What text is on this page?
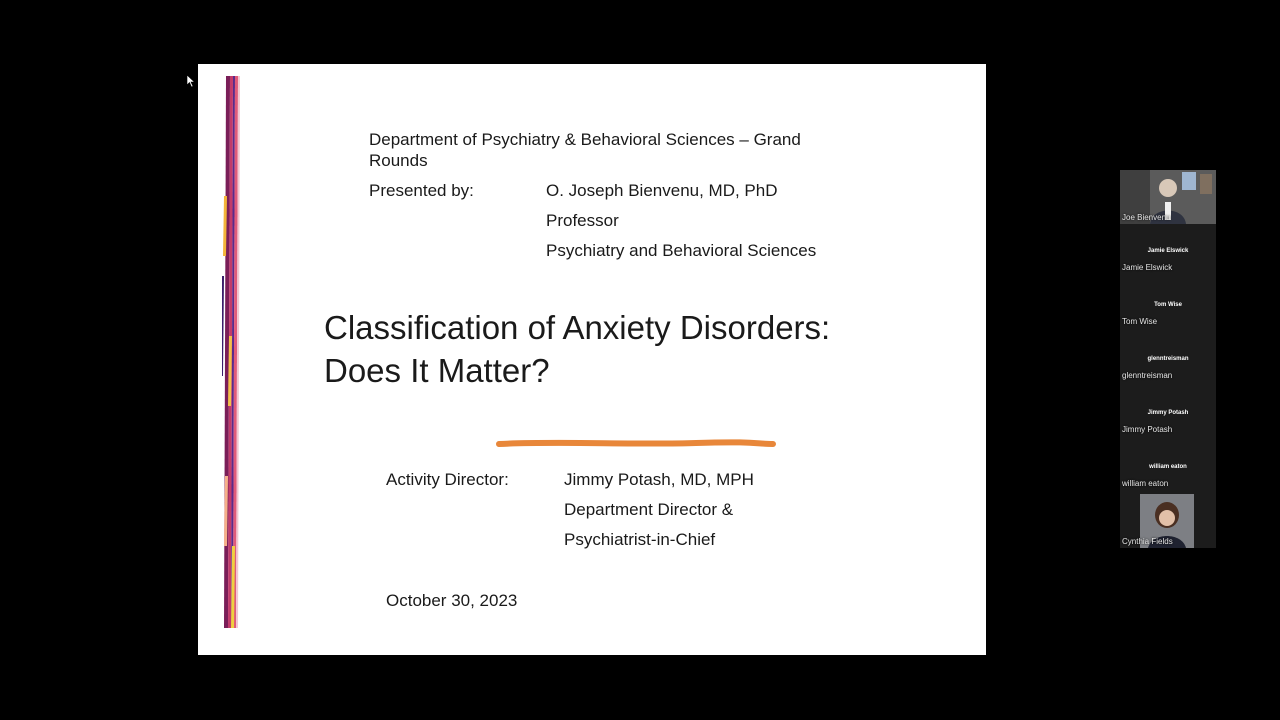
Department of Psychiatry & Behavioral Sciences – Grand
Rounds
Presented by:	O. Joseph Bienvenu, MD, PhD
Professor
Psychiatry and Behavioral Sciences
Classification of Anxiety Disorders:
Does It Matter?
Activity Director:	Jimmy Potash, MD, MPH
Department Director &
Psychiatrist-in-Chief
October 30, 2023
Joe Bienvenu
Jamie Elswick
Jamie Elswick
Tom Wise
Tom Wise
glenntreisman
glenntreisman
Jimmy Potash
Jimmy Potash
william eaton
william eaton
Cynthia Fields
